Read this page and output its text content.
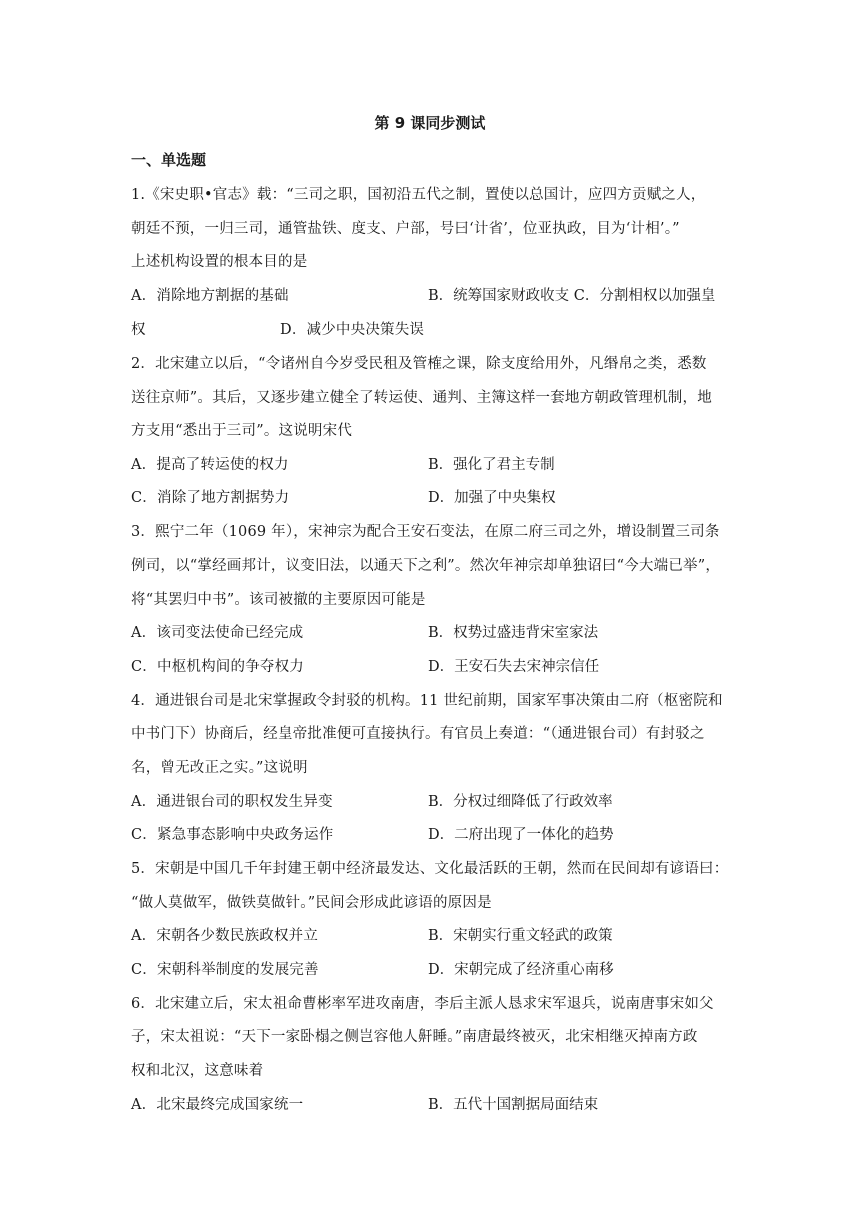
第 9 课同步测试
一、单选题
1.《宋史职•官志》载：“三司之职，国初沿五代之制，置使以总国计，应四方贡赋之人，
朝廷不预，一归三司，通管盐铁、度支、户部，号曰‘计省’，位亚执政，目为‘计相’。”
上述机构设置的根本目的是
A．消除地方割据的基础	B．统筹国家财政收支 C．分割相权以加强皇
权	D．减少中央决策失误
2．北宋建立以后，“令诸州自今岁受民租及管榷之课，除支度给用外，凡缗帛之类，悉数
送往京师”。其后，又逐步建立健全了转运使、通判、主簿这样一套地方朝政管理机制，地
方支用“悉出于三司”。这说明宋代
A．提高了转运使的权力	B．强化了君主专制
C．消除了地方割据势力	D．加强了中央集权
3．熙宁二年（1069 年），宋神宗为配合王安石变法，在原二府三司之外，增设制置三司条
例司，以“掌经画邦计，议变旧法，以通天下之利”。然次年神宗却单独诏曰“今大端已举”，
将“其罢归中书”。该司被撤的主要原因可能是
A．该司变法使命已经完成	B．权势过盛违背宋室家法
C．中枢机构间的争夺权力	D．王安石失去宋神宗信任
4．通进银台司是北宋掌握政令封驳的机构。11 世纪前期，国家军事决策由二府（枢密院和
中书门下）协商后，经皇帝批准便可直接执行。有官员上奏道：“（通进银台司）有封驳之
名，曾无改正之实。”这说明
A．通进银台司的职权发生异变	B．分权过细降低了行政效率
C．紧急事态影响中央政务运作	D．二府出现了一体化的趋势
5．宋朝是中国几千年封建王朝中经济最发达、文化最活跃的王朝，然而在民间却有谚语曰：
“做人莫做军，做铁莫做针。”民间会形成此谚语的原因是
A．宋朝各少数民族政权并立	B．宋朝实行重文轻武的政策
C．宋朝科举制度的发展完善	D．宋朝完成了经济重心南移
6．北宋建立后，宋太祖命曹彬率军进攻南唐，李后主派人恳求宋军退兵，说南唐事宋如父
子，宋太祖说：“天下一家卧榻之侧岂容他人鼾睡。”南唐最终被灭，北宋相继灭掉南方政
权和北汉，这意味着
A．北宋最终完成国家统一	B．五代十国割据局面结束
